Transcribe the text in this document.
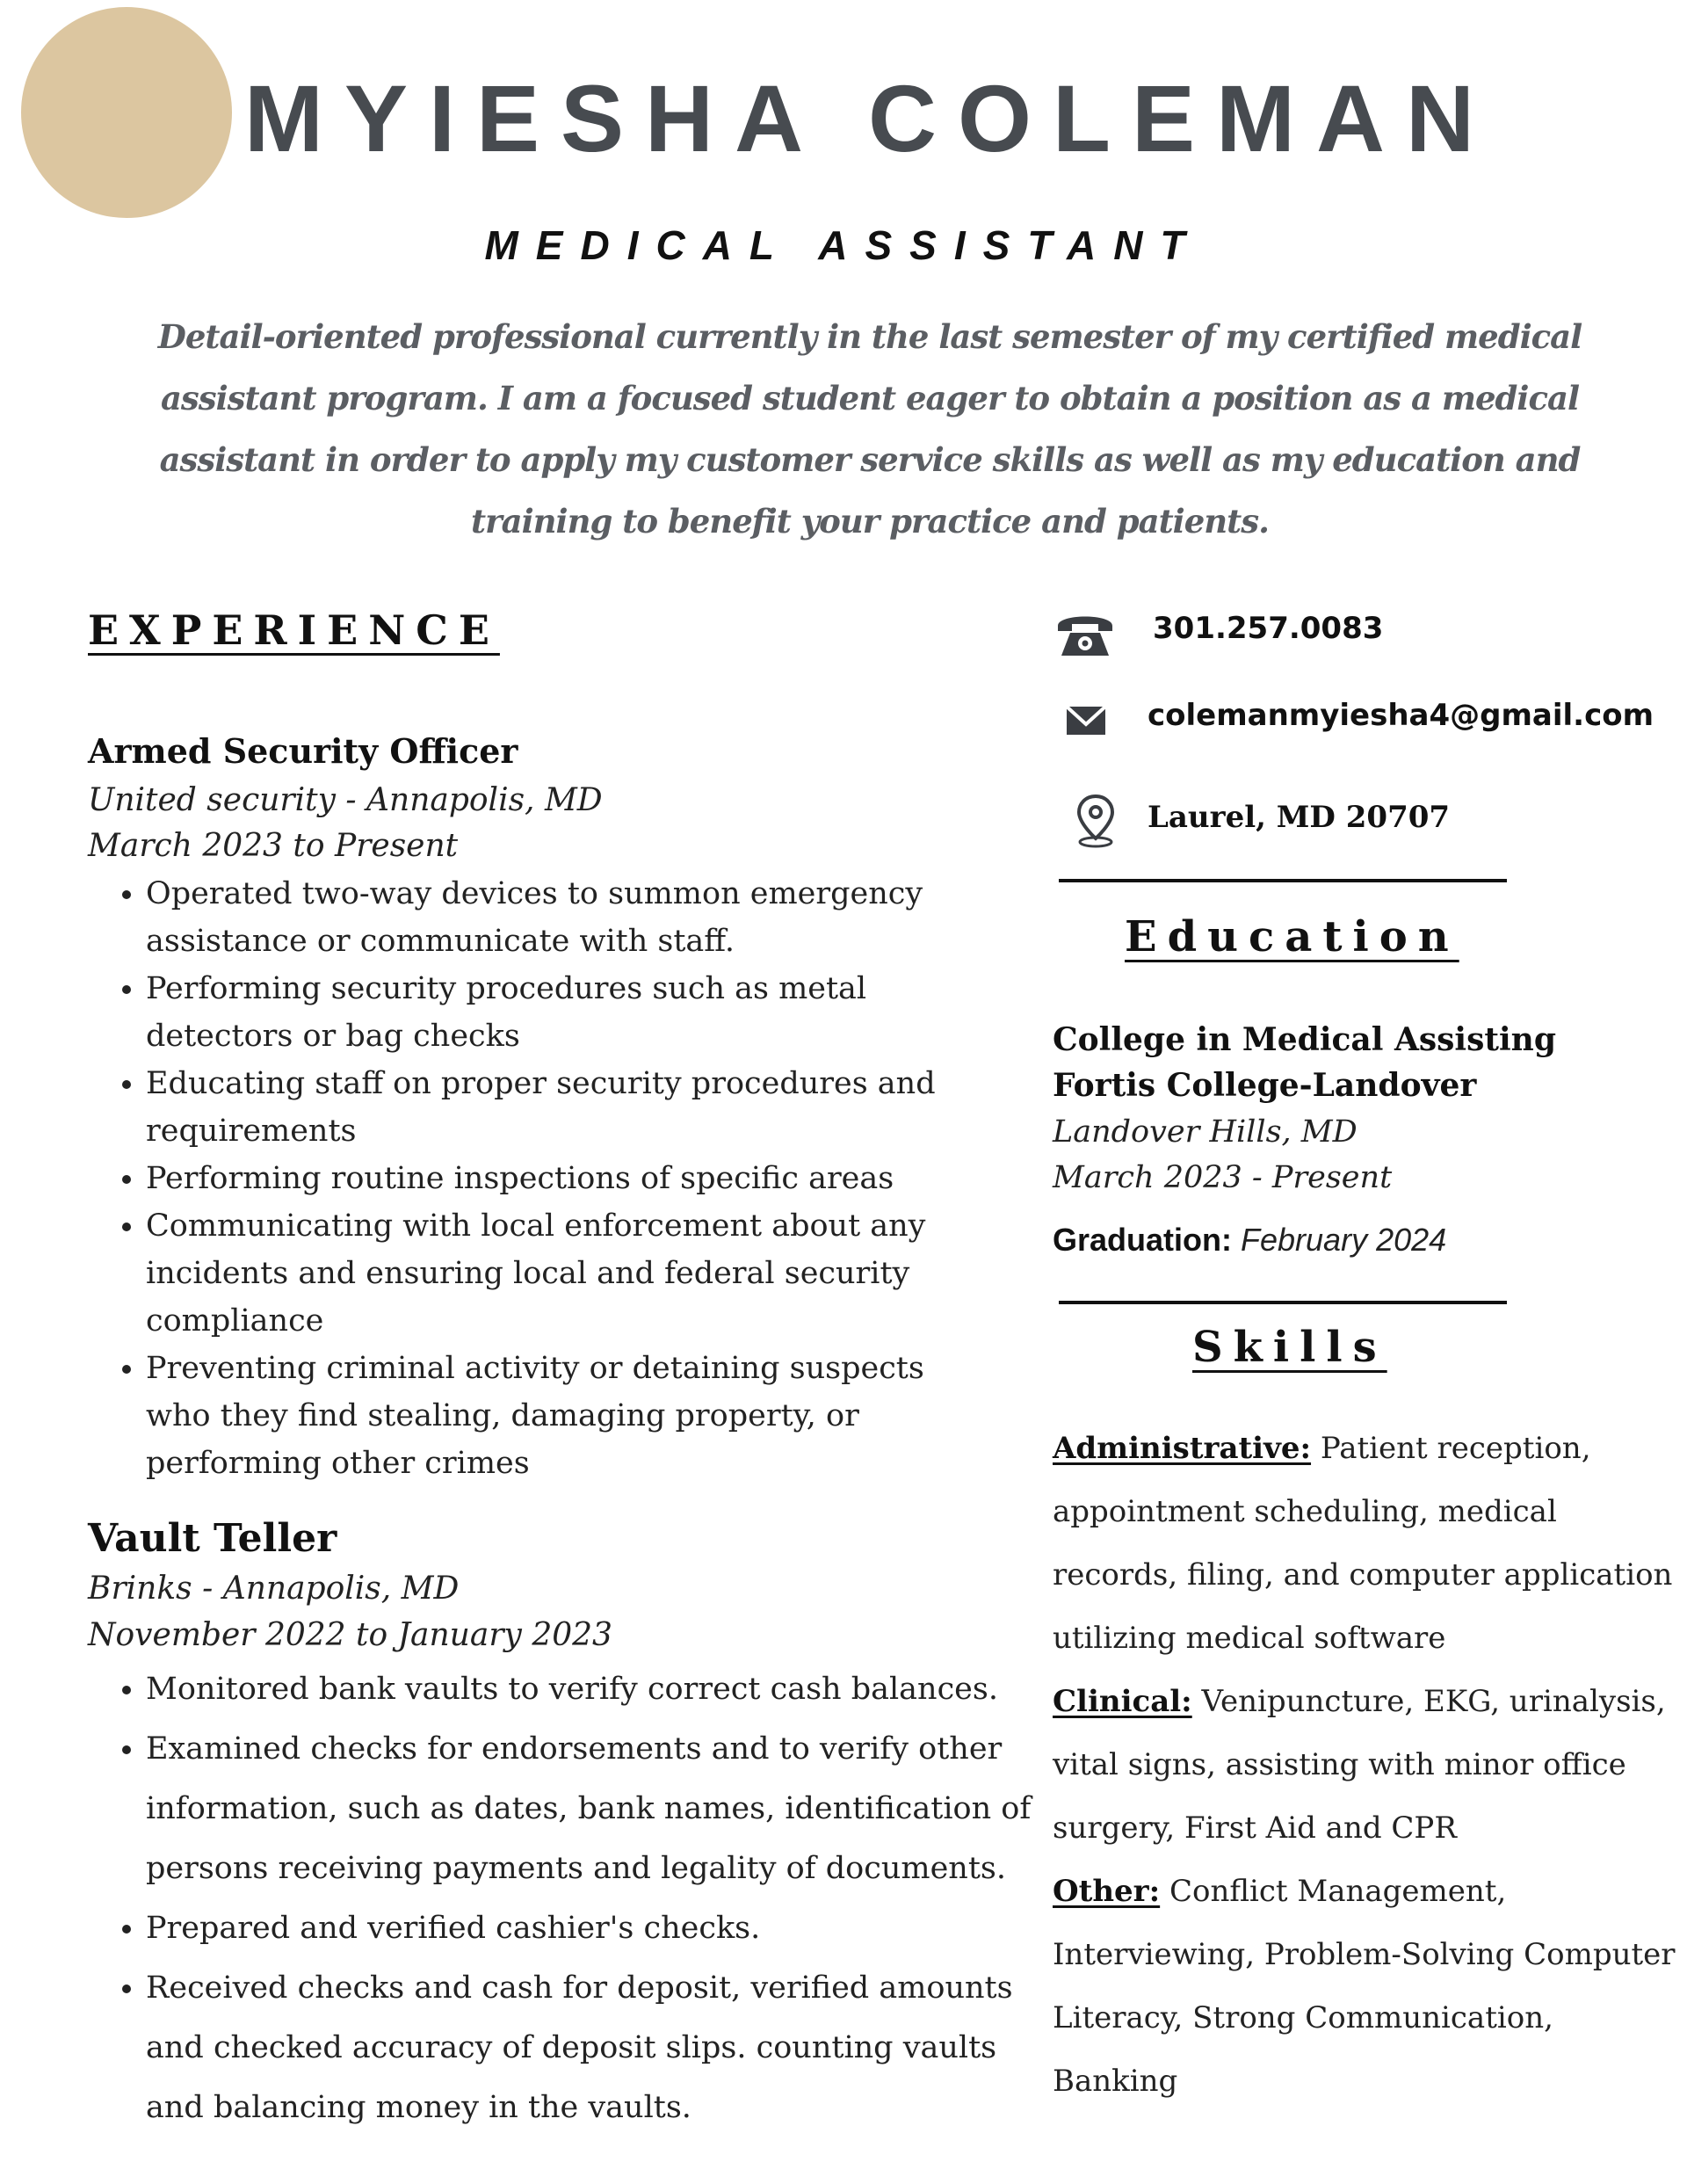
MYIESHA COLEMAN
MEDICAL ASSISTANT
Detail-oriented professional currently in the last semester of my certified medical assistant program. I am a focused student eager to obtain a position as a medical assistant in order to apply my customer service skills as well as my education and training to benefit your practice and patients.
EXPERIENCE
Armed Security Officer
United security - Annapolis, MD
March 2023 to Present
• Operated two-way devices to summon emergency assistance or communicate with staff.
• Performing security procedures such as metal detectors or bag checks
• Educating staff on proper security procedures and requirements
• Performing routine inspections of specific areas
• Communicating with local enforcement about any incidents and ensuring local and federal security compliance
• Preventing criminal activity or detaining suspects who they find stealing, damaging property, or performing other crimes
Vault Teller
Brinks - Annapolis, MD
November 2022 to January 2023
• Monitored bank vaults to verify correct cash balances.
• Examined checks for endorsements and to verify other information, such as dates, bank names, identification of persons receiving payments and legality of documents.
• Prepared and verified cashier's checks.
• Received checks and cash for deposit, verified amounts and checked accuracy of deposit slips. counting vaults and balancing money in the vaults.
301.257.0083
colemanmyiesha4@gmail.com
Laurel, MD 20707
Education
College in Medical Assisting
Fortis College-Landover
Landover Hills, MD
March 2023 - Present
Graduation: February 2024
Skills

Administrative: Patient reception, appointment scheduling, medical records, filing, and computer application utilizing medical software

Clinical: Venipuncture, EKG, urinalysis, vital signs, assisting with minor office surgery, First Aid and CPR

Other: Conflict Management, Interviewing, Problem-Solving Computer Literacy, Strong Communication, Banking
